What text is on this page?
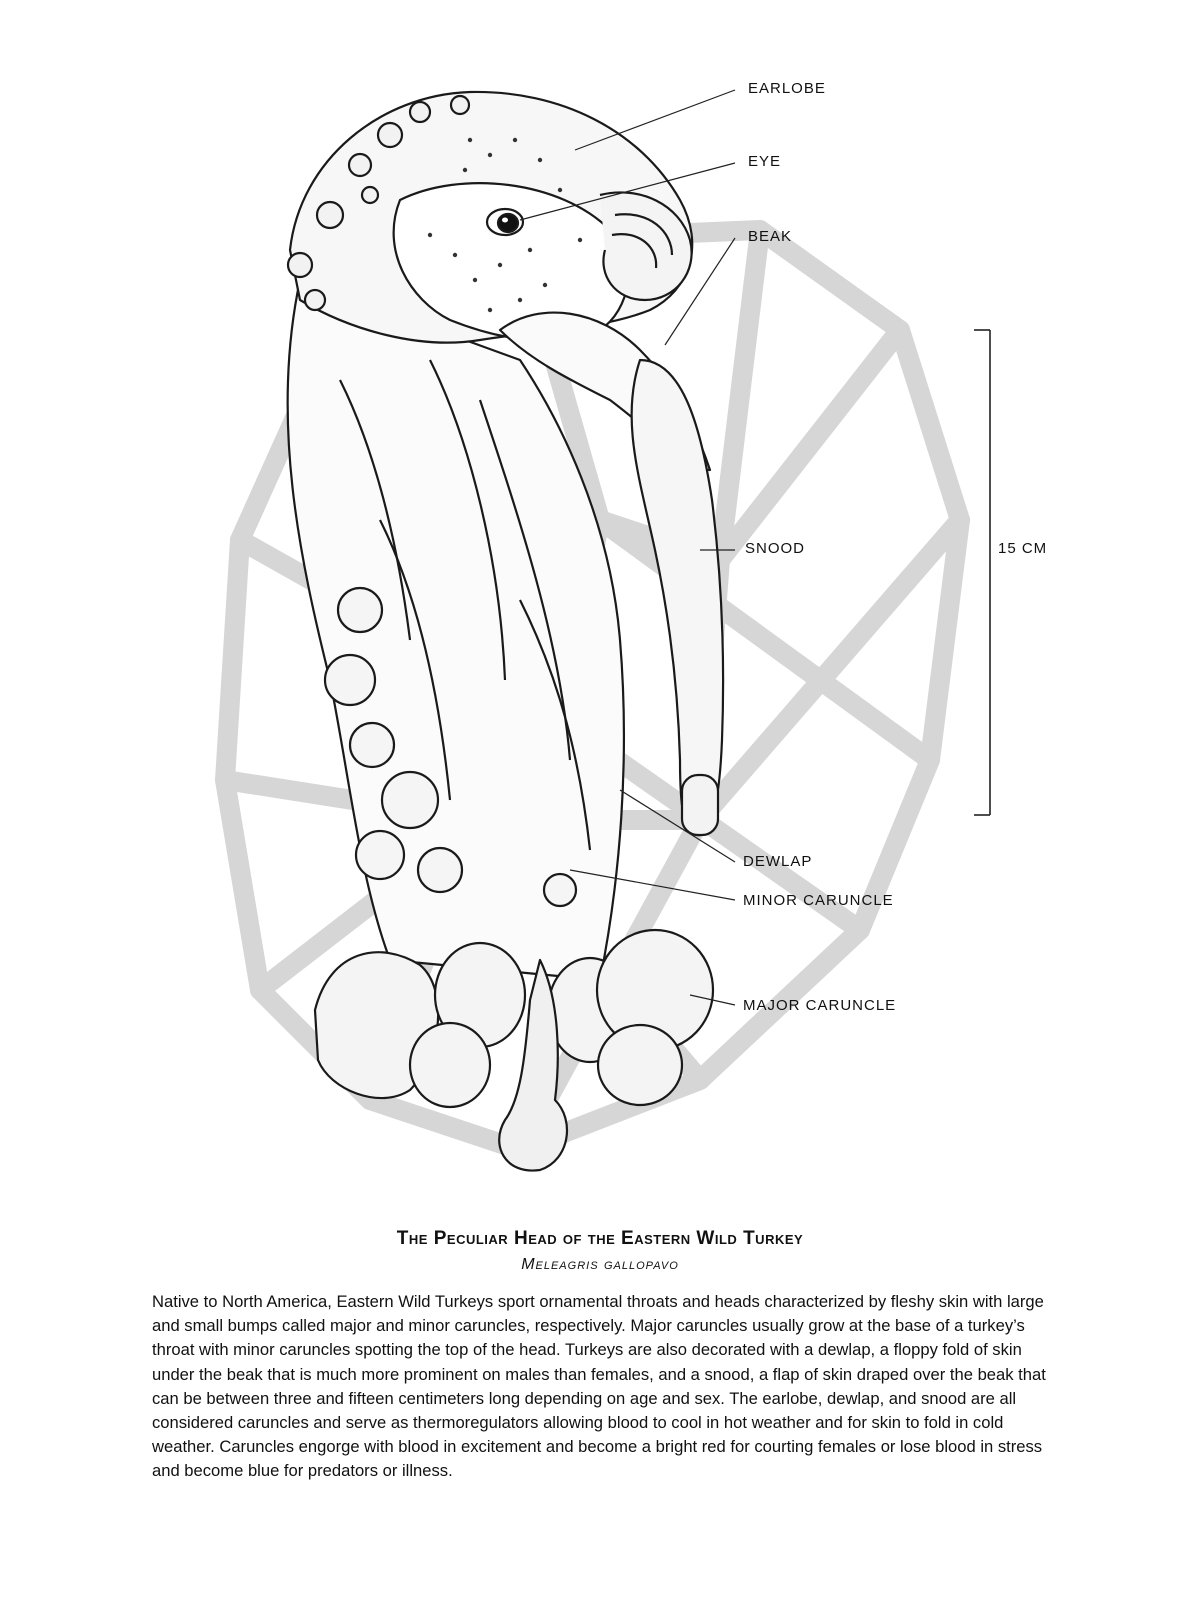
EARLOBE
EYE
BEAK
SNOOD
DEWLAP
MINOR CARUNCLE
MAJOR CARUNCLE
15 CM
The Peculiar Head of the Eastern Wild Turkey
Meleagris gallopavo
Native to North America, Eastern Wild Turkeys sport ornamental throats and heads characterized by fleshy skin with large and small bumps called major and minor caruncles, respectively. Major caruncles usually grow at the base of a turkey’s throat with minor caruncles spotting the top of the head. Turkeys are also decorated with a dewlap, a floppy fold of skin under the beak that is much more prominent on males than females, and a snood, a flap of skin draped over the beak that can be between three and fifteen centimeters long depending on age and sex. The earlobe, dewlap, and snood are all considered caruncles and serve as thermoregulators allowing blood to cool in hot weather and for skin to fold in cold weather. Caruncles engorge with blood in excitement and become a bright red for courting females or lose blood in stress and become blue for predators or illness.
